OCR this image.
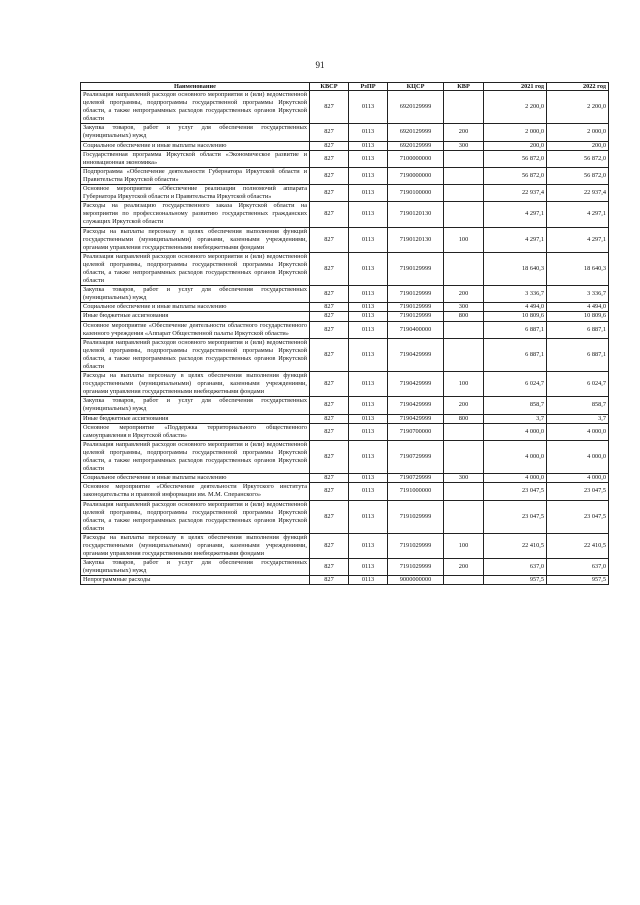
91
Наименование	КВСР	РзПР	КЦСР	КВР	2021 год	2022 год
Реализация направлений расходов основного мероприятия и (или) ведомственной целевой программы, подпрограммы государственной программы Иркутской области, а также непрограммных расходов государственных органов Иркутской области	827	0113	6920129999		2 200,0	2 200,0
Закупка товаров, работ и услуг для обеспечения государственных (муниципальных) нужд	827	0113	6920129999	200	2 000,0	2 000,0
Социальное обеспечение и иные выплаты населению	827	0113	6920129999	300	200,0	200,0
Государственная программа Иркутской области «Экономическое развитие и инновационная экономика»	827	0113	7100000000		56 872,0	56 872,0
Подпрограмма «Обеспечение деятельности Губернатора Иркутской области и Правительства Иркутской области»	827	0113	7190000000		56 872,0	56 872,0
Основное мероприятие «Обеспечение реализации полномочий аппарата Губернатора Иркутской области и Правительства Иркутской области»	827	0113	7190100000		22 937,4	22 937,4
Расходы на реализацию государственного заказа Иркутской области на мероприятия по профессиональному развитию государственных гражданских служащих Иркутской области	827	0113	7190120130		4 297,1	4 297,1
Расходы на выплаты персоналу в целях обеспечения выполнения функций государственными (муниципальными) органами, казенными учреждениями, органами управления государственными внебюджетными фондами	827	0113	7190120130	100	4 297,1	4 297,1
Реализация направлений расходов основного мероприятия и (или) ведомственной целевой программы, подпрограммы государственной программы Иркутской области, а также непрограммных расходов государственных органов Иркутской области	827	0113	7190129999		18 640,3	18 640,3
Закупка товаров, работ и услуг для обеспечения государственных (муниципальных) нужд	827	0113	7190129999	200	3 336,7	3 336,7
Социальное обеспечение и иные выплаты населению	827	0113	7190129999	300	4 494,0	4 494,0
Иные бюджетные ассигнования	827	0113	7190129999	800	10 809,6	10 809,6
Основное мероприятие «Обеспечение деятельности областного государственного казенного учреждения «Аппарат Общественной палаты Иркутской области»	827	0113	7190400000		6 887,1	6 887,1
Реализация направлений расходов основного мероприятия и (или) ведомственной целевой программы, подпрограммы государственной программы Иркутской области, а также непрограммных расходов государственных органов Иркутской области	827	0113	7190429999		6 887,1	6 887,1
Расходы на выплаты персоналу в целях обеспечения выполнения функций государственными (муниципальными) органами, казенными учреждениями, органами управления государственными внебюджетными фондами	827	0113	7190429999	100	6 024,7	6 024,7
Закупка товаров, работ и услуг для обеспечения государственных (муниципальных) нужд	827	0113	7190429999	200	858,7	858,7
Иные бюджетные ассигнования	827	0113	7190429999	800	3,7	3,7
Основное мероприятие «Поддержка территориального общественного самоуправления в Иркутской области»	827	0113	7190700000		4 000,0	4 000,0
Реализация направлений расходов основного мероприятия и (или) ведомственной целевой программы, подпрограммы государственной программы Иркутской области, а также непрограммных расходов государственных органов Иркутской области	827	0113	7190729999		4 000,0	4 000,0
Социальное обеспечение и иные выплаты населению	827	0113	7190729999	300	4 000,0	4 000,0
Основное мероприятие «Обеспечение деятельности Иркутского института законодательства и правовой информации им. М.М. Сперанского»	827	0113	7191000000		23 047,5	23 047,5
Реализация направлений расходов основного мероприятия и (или) ведомственной целевой программы, подпрограммы государственной программы Иркутской области, а также непрограммных расходов государственных органов Иркутской области	827	0113	7191029999		23 047,5	23 047,5
Расходы на выплаты персоналу в целях обеспечения выполнения функций государственными (муниципальными) органами, казенными учреждениями, органами управления государственными внебюджетными фондами	827	0113	7191029999	100	22 410,5	22 410,5
Закупка товаров, работ и услуг для обеспечения государственных (муниципальных) нужд	827	0113	7191029999	200	637,0	637,0
Непрограммные расходы	827	0113	9000000000		957,5	957,5
